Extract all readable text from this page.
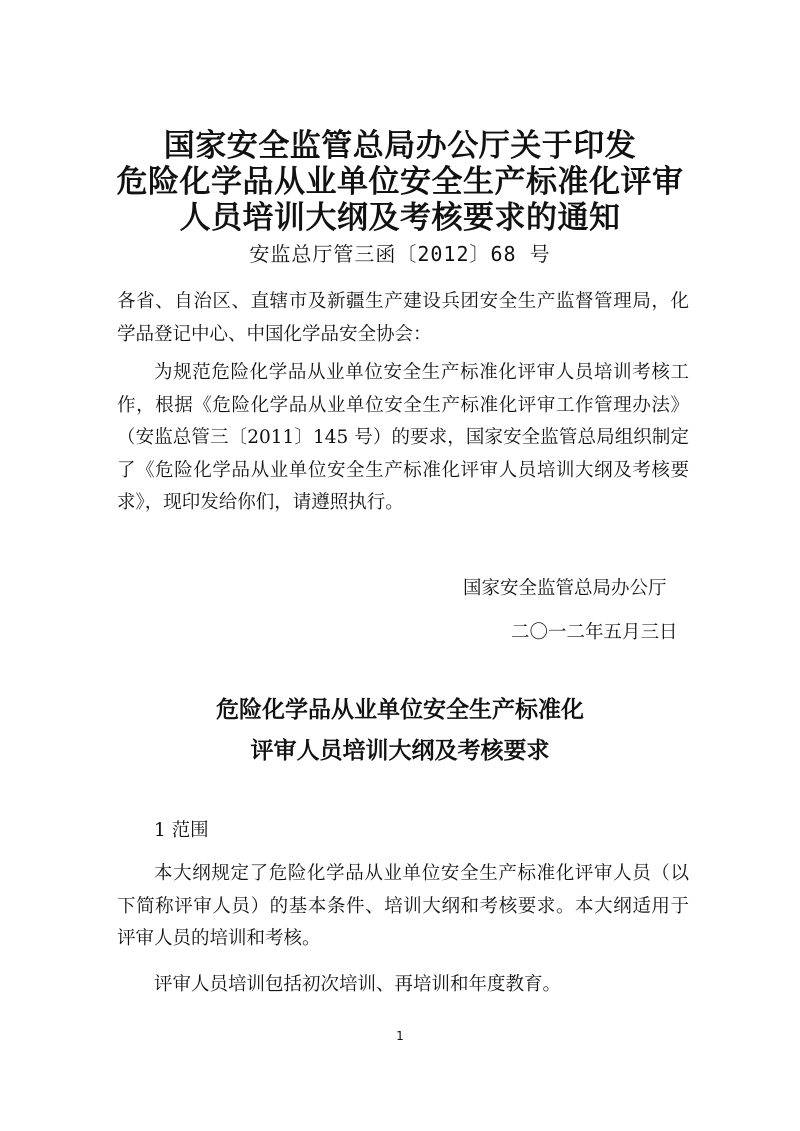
国家安全监管总局办公厅关于印发
危险化学品从业单位安全生产标准化评审
人员培训大纲及考核要求的通知
安监总厅管三函〔2012〕68 号
各省、自治区、直辖市及新疆生产建设兵团安全生产监督管理局，化学品登记中心、中国化学品安全协会：
为规范危险化学品从业单位安全生产标准化评审人员培训考核工作，根据《危险化学品从业单位安全生产标准化评审工作管理办法》（安监总管三〔2011〕145 号）的要求，国家安全监管总局组织制定了《危险化学品从业单位安全生产标准化评审人员培训大纲及考核要求》，现印发给你们，请遵照执行。
国家安全监管总局办公厅
二〇一二年五月三日
危险化学品从业单位安全生产标准化
评审人员培训大纲及考核要求
1 范围
本大纲规定了危险化学品从业单位安全生产标准化评审人员（以下简称评审人员）的基本条件、培训大纲和考核要求。本大纲适用于评审人员的培训和考核。
评审人员培训包括初次培训、再培训和年度教育。
1
